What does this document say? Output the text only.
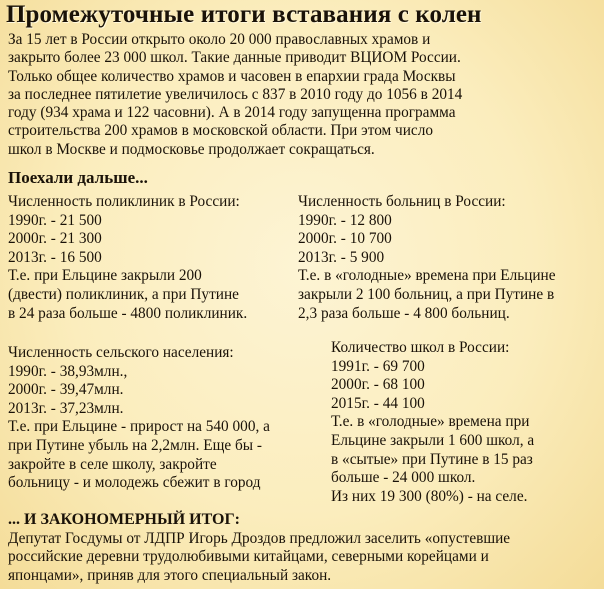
Промежуточные итоги вставания с колен
За 15 лет в России открыто около 20 000 православных храмов и
закрыто более 23 000 школ. Такие данные приводит ВЦИОМ России.
Только общее количество храмов и часовен в епархии града Москвы
за последнее пятилетие увеличилось с 837 в 2010 году до 1056 в 2014
году (934 храма и 122 часовни). А в 2014 году запущенна программа
строительства 200 храмов в московской области. При этом число
школ в Москве и подмосковье продолжает сокращаться.
Поехали дальше...
Численность поликлиник в России:
1990г. - 21 500
2000г. - 21 300
2013г. - 16 500
Т.е. при Ельцине закрыли 200
(двести) поликлиник, а при Путине
в 24 раза больше - 4800 поликлиник.
Численность больниц в России:
1990г. - 12 800
2000г. - 10 700
2013г. - 5 900
Т.е. в «голодные» времена при Ельцине
закрыли 2 100 больниц, а при Путине в
2,3 раза больше - 4 800 больниц.
Численность сельского населения:
1990г. - 38,93млн.,
2000г. - 39,47млн.
2013г. - 37,23млн.
Т.е. при Ельцине - прирост на 540 000, а
при Путине убыль на 2,2млн. Еще бы -
закройте в селе школу, закройте
больницу - и молодежь сбежит в город
Количество школ в России:
1991г. - 69 700
2000г. - 68 100
2015г. - 44 100
Т.е. в «голодные» времена при
Ельцине закрыли 1 600 школ, а
в «сытые» при Путине в 15 раз
больше - 24 000 школ.
Из них 19 300 (80%) - на селе.
... И ЗАКОНОМЕРНЫЙ ИТОГ:
Депутат Госдумы от ЛДПР Игорь Дроздов предложил заселить «опустевшие
российские деревни трудолюбивыми китайцами, северными корейцами и
японцами», приняв для этого специальный закон.
